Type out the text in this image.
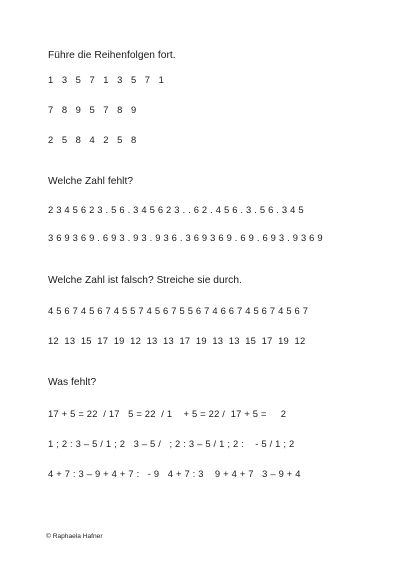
Führe die Reihenfolgen fort.
1   3   5   7   1   3   5   7   1
7   8   9   5   7   8   9
2   5   8   4   2   5   8
Welche Zahl fehlt?
2 3 4 5 6 2 3 . 5 6 . 3 4 5 6 2 3 . . 6 2 . 4 5 6 . 3 . 5 6 . 3 4 5
3 6 9 3 6 9 . 6 9 3 . 9 3 . 9 3 6 . 3 6 9 3 6 9 . 6 9 . 6 9 3 . 9 3 6 9
Welche Zahl ist falsch? Streiche sie durch.
4 5 6 7 4 5 6 7 4 5 5 7 4 5 6 7 5 5 6 7 4 6 6 7 4 5 6 7 4 5 6 7
12  13  15  17  19  12  13  13  17  19  13  13  15  17  19  12
Was fehlt?
17 + 5 = 22  / 17   5 = 22  / 1    + 5 = 22 /  17 + 5 =     2
1 ; 2 : 3 – 5 / 1 ; 2   3 – 5 /   ; 2 : 3 – 5 / 1 ; 2 :    - 5 / 1 ; 2
4 + 7 : 3 – 9 + 4 + 7 :   - 9   4 + 7 : 3    9 + 4 + 7   3 – 9 + 4
© Raphaela Hafner
